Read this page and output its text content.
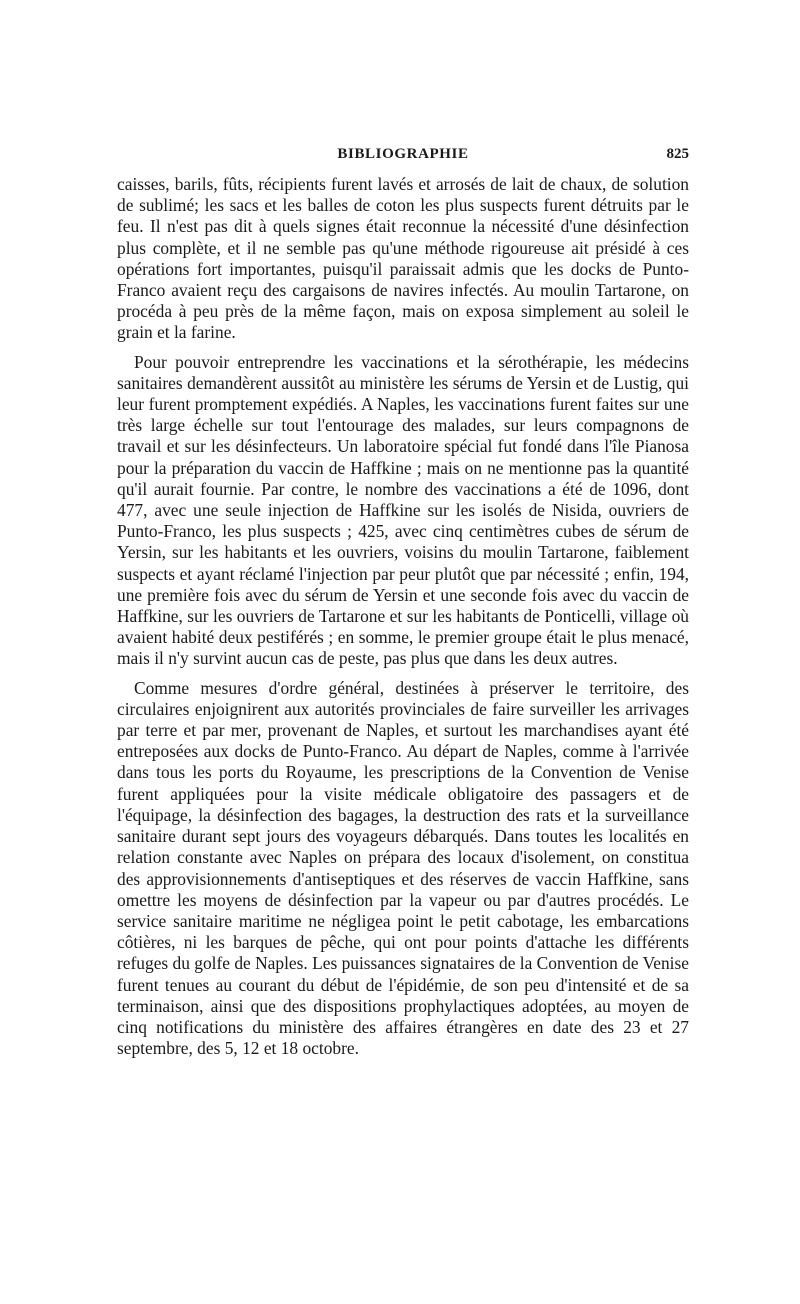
BIBLIOGRAPHIE	825

caisses, barils, fûts, récipients furent lavés et arrosés de lait de chaux, de solution de sublimé; les sacs et les balles de coton les plus suspects furent détruits par le feu. Il n'est pas dit à quels signes était reconnue la nécessité d'une désinfection plus complète, et il ne semble pas qu'une méthode rigoureuse ait présidé à ces opérations fort importantes, puisqu'il paraissait admis que les docks de Punto-Franco avaient reçu des cargaisons de navires infectés. Au moulin Tartarone, on procéda à peu près de la même façon, mais on exposa simplement au soleil le grain et la farine.

Pour pouvoir entreprendre les vaccinations et la sérothérapie, les médecins sanitaires demandèrent aussitôt au ministère les sérums de Yersin et de Lustig, qui leur furent promptement expédiés. A Naples, les vaccinations furent faites sur une très large échelle sur tout l'entourage des malades, sur leurs compagnons de travail et sur les désinfecteurs. Un laboratoire spécial fut fondé dans l'île Pianosa pour la préparation du vaccin de Haffkine ; mais on ne mentionne pas la quantité qu'il aurait fournie. Par contre, le nombre des vaccinations a été de 1096, dont 477, avec une seule injection de Haffkine sur les isolés de Nisida, ouvriers de Punto-Franco, les plus suspects ; 425, avec cinq centimètres cubes de sérum de Yersin, sur les habitants et les ouvriers, voisins du moulin Tartarone, faiblement suspects et ayant réclamé l'injection par peur plutôt que par nécessité ; enfin, 194, une première fois avec du sérum de Yersin et une seconde fois avec du vaccin de Haffkine, sur les ouvriers de Tartarone et sur les habitants de Ponticelli, village où avaient habité deux pestiférés ; en somme, le premier groupe était le plus menacé, mais il n'y survint aucun cas de peste, pas plus que dans les deux autres.

Comme mesures d'ordre général, destinées à préserver le territoire, des circulaires enjoignirent aux autorités provinciales de faire surveiller les arrivages par terre et par mer, provenant de Naples, et surtout les marchandises ayant été entreposées aux docks de Punto-Franco. Au départ de Naples, comme à l'arrivée dans tous les ports du Royaume, les prescriptions de la Convention de Venise furent appliquées pour la visite médicale obligatoire des passagers et de l'équipage, la désinfection des bagages, la destruction des rats et la surveillance sanitaire durant sept jours des voyageurs débarqués. Dans toutes les localités en relation constante avec Naples on prépara des locaux d'isolement, on constitua des approvisionnements d'antiseptiques et des réserves de vaccin Haffkine, sans omettre les moyens de désinfection par la vapeur ou par d'autres procédés. Le service sanitaire maritime ne négligea point le petit cabotage, les embarcations côtières, ni les barques de pêche, qui ont pour points d'attache les différents refuges du golfe de Naples. Les puissances signataires de la Convention de Venise furent tenues au courant du début de l'épidémie, de son peu d'intensité et de sa terminaison, ainsi que des dispositions prophylactiques adoptées, au moyen de cinq notifications du ministère des affaires étrangères en date des 23 et 27 septembre, des 5, 12 et 18 octobre.
